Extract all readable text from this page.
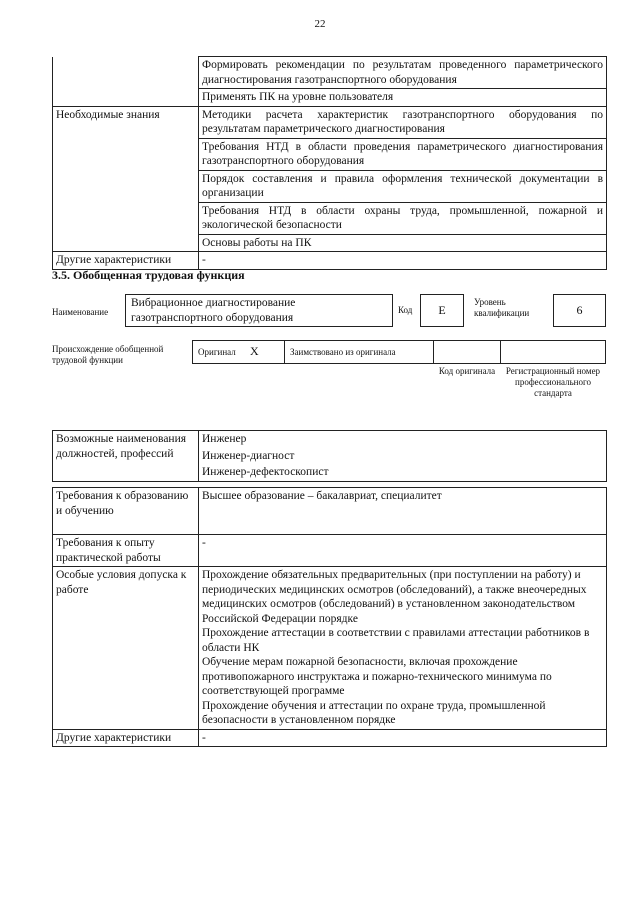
22
	Формировать рекомендации по результатам проведенного параметрического диагностирования газотранспортного оборудования
	Применять ПК на уровне пользователя
Необходимые знания	Методики расчета характеристик газотранспортного оборудования по результатам параметрического диагностирования
	Требования НТД в области проведения параметрического диагностирования газотранспортного оборудования
	Порядок составления и правила оформления технической документации в организации
	Требования НТД в области охраны труда, промышленной, пожарной и экологической безопасности
	Основы работы на ПК
Другие характеристики	-
3.5. Обобщенная трудовая функция
Наименование
Вибрационное диагностирование газотранспортного оборудования
Код	E
Уровень квалификации	6
Происхождение обобщенной трудовой функции
Оригинал X	Заимствовано из оригинала
Код оригинала	Регистрационный номер профессионального стандарта
Возможные наименования должностей, профессий	Инженер
Инженер-диагност
Инженер-дефектоскопист
Требования к образованию и обучению	Высшее образование – бакалавриат, специалитет
Требования к опыту практической работы	-
Особые условия допуска к работе	Прохождение обязательных предварительных (при поступлении на работу) и периодических медицинских осмотров (обследований), а также внеочередных медицинских осмотров (обследований) в установленном законодательством Российской Федерации порядке
Прохождение аттестации в соответствии с правилами аттестации работников в области НК
Обучение мерам пожарной безопасности, включая прохождение противопожарного инструктажа и пожарно-технического минимума по соответствующей программе
Прохождение обучения и аттестации по охране труда, промышленной безопасности в установленном порядке

Другие характеристики	-
